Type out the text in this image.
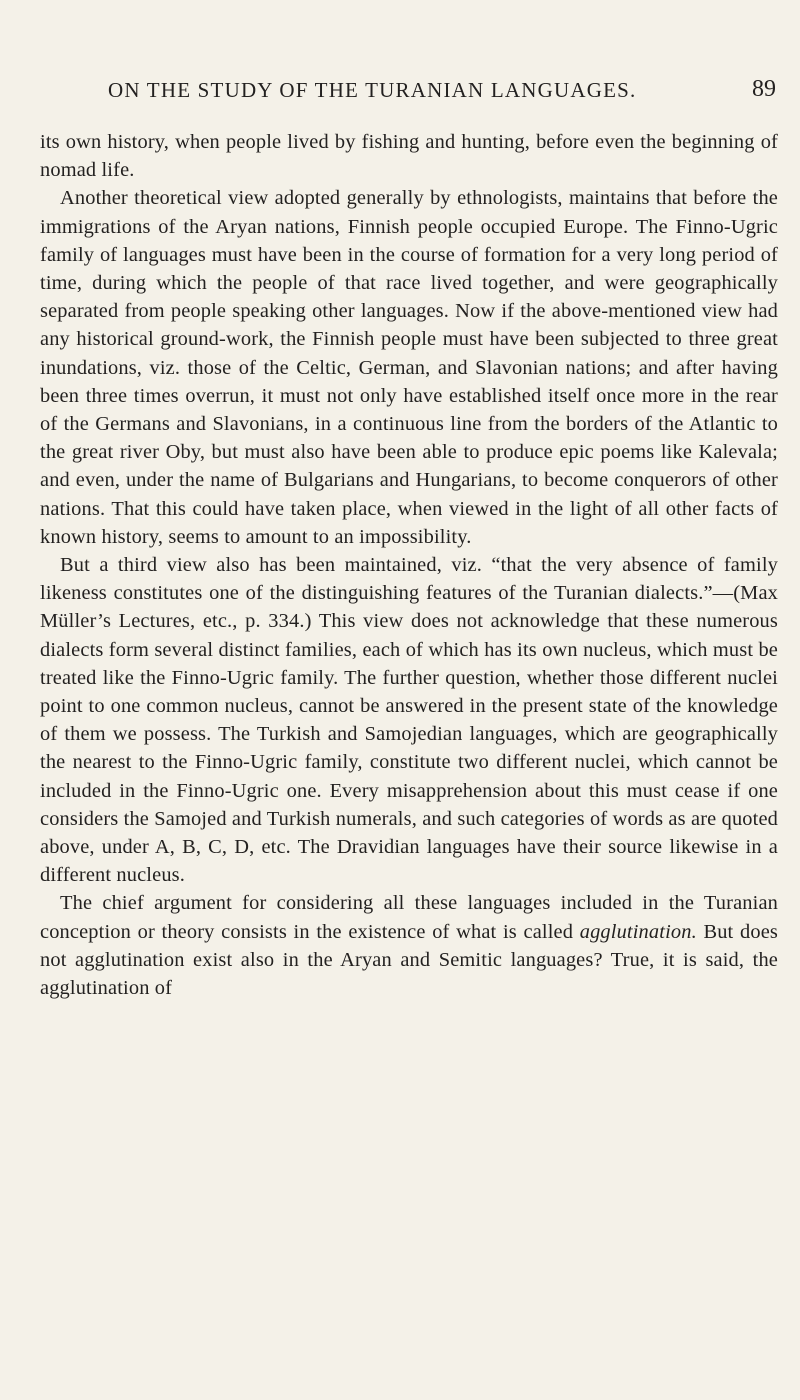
ON THE STUDY OF THE TURANIAN LANGUAGES.	89

its own history, when people lived by fishing and hunting, before even the beginning of nomad life.

Another theoretical view adopted generally by ethnologists, maintains that before the immigrations of the Aryan nations, Finnish people occupied Europe. The Finno-Ugric family of languages must have been in the course of formation for a very long period of time, during which the people of that race lived together, and were geographically separated from people speaking other languages. Now if the above-mentioned view had any historical ground-work, the Finnish people must have been subjected to three great inundations, viz. those of the Celtic, German, and Slavonian nations; and after having been three times overrun, it must not only have established itself once more in the rear of the Germans and Slavonians, in a continuous line from the borders of the Atlantic to the great river Oby, but must also have been able to produce epic poems like Kalevala; and even, under the name of Bulgarians and Hungarians, to become conquerors of other nations. That this could have taken place, when viewed in the light of all other facts of known history, seems to amount to an impossibility.

But a third view also has been maintained, viz. “that the very absence of family likeness constitutes one of the distinguishing features of the Turanian dialects.”—(Max Müller’s Lectures, etc., p. 334.) This view does not acknowledge that these numerous dialects form several distinct families, each of which has its own nucleus, which must be treated like the Finno-Ugric family. The further question, whether those different nuclei point to one common nucleus, cannot be answered in the present state of the knowledge of them we possess. The Turkish and Samojedian languages, which are geographically the nearest to the Finno-Ugric family, constitute two different nuclei, which cannot be included in the Finno-Ugric one. Every misapprehension about this must cease if one considers the Samojed and Turkish numerals, and such categories of words as are quoted above, under A, B, C, D, etc. The Dravidian languages have their source likewise in a different nucleus.

The chief argument for considering all these languages included in the Turanian conception or theory consists in the existence of what is called agglutination. But does not agglutination exist also in the Aryan and Semitic languages? True, it is said, the agglutination of
